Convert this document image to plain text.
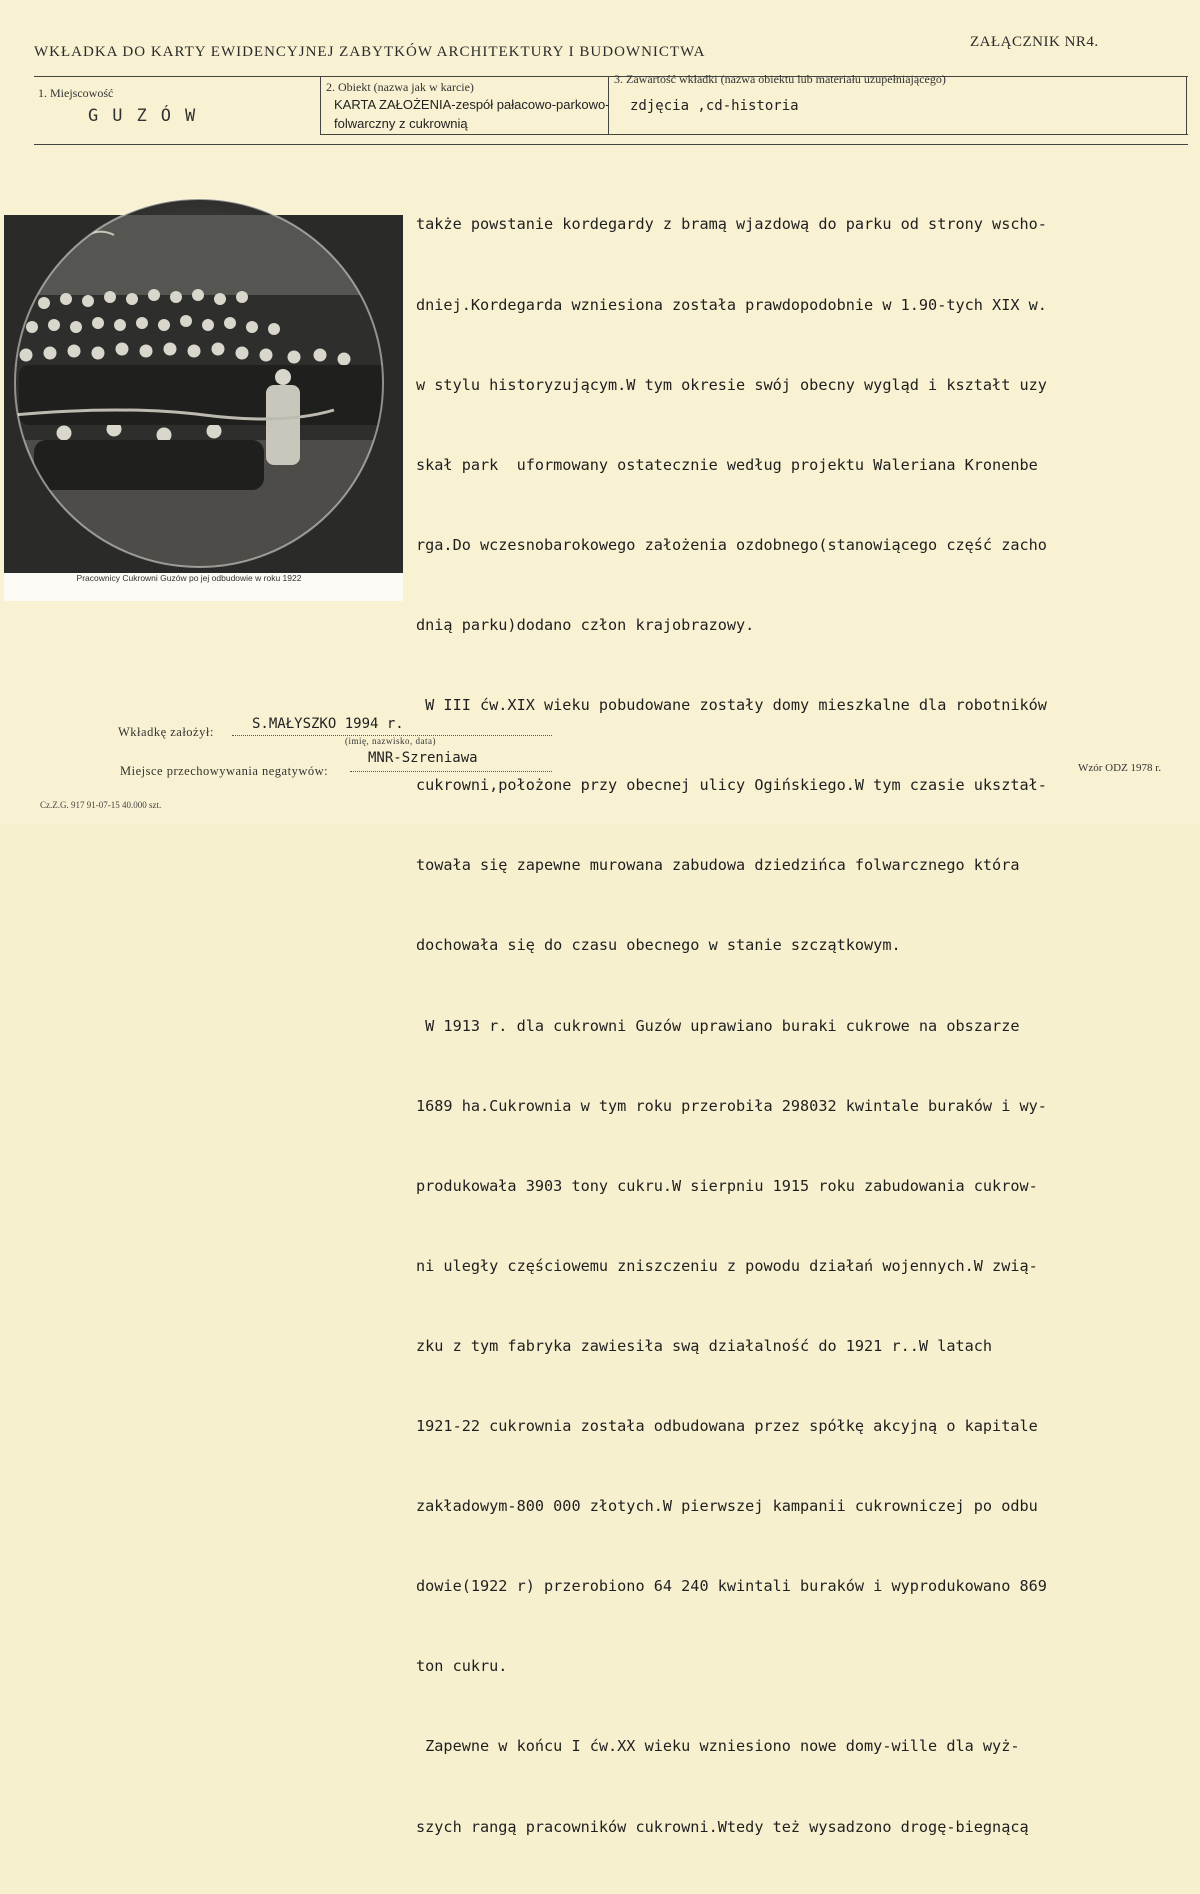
WKŁADKA DO KARTY EWIDENCYJNEJ ZABYTKÓW ARCHITEKTURY I BUDOWNICTWA
ZAŁĄCZNIK NR4.
1. Miejscowość
GUZÓW
2. Obiekt (nazwa jak w karcie)
KARTA ZAŁOŻENIA-zespół pałacowo-parkowo-
folwarczny z cukrownią
3. Zawartość wkładki (nazwa obiektu lub materiału uzupełniającego)
zdjęcia ,cd-historia

także powstanie kordegardy z bramą wjazdową do parku od strony wscho-

dniej.Kordegarda wzniesiona została prawdopodobnie w 1.90-tych XIX w.

w stylu historyzującym.W tym okresie swój obecny wygląd i kształt uzy

skał park  uformowany ostatecznie według projektu Waleriana Kronenbe

rga.Do wczesnobarokowego założenia ozdobnego(stanowiącego część zacho

dnią parku)dodano człon krajobrazowy.

W III ćw.XIX wieku pobudowane zostały domy mieszkalne dla robotników

cukrowni,położone przy obecnej ulicy Ogińskiego.W tym czasie ukształ-

towała się zapewne murowana zabudowa dziedzińca folwarcznego która

dochowała się do czasu obecnego w stanie szczątkowym.

W 1913 r. dla cukrowni Guzów uprawiano buraki cukrowe na obszarze

1689 ha.Cukrownia w tym roku przerobiła 298032 kwintale buraków i wy-

produkowała 3903 tony cukru.W sierpniu 1915 roku zabudowania cukrow-

ni uległy częściowemu zniszczeniu z powodu działań wojennych.W zwią-

zku z tym fabryka zawiesiła swą działalność do 1921 r..W latach

1921-22 cukrownia została odbudowana przez spółkę akcyjną o kapitale

zakładowym-800 000 złotych.W pierwszej kampanii cukrowniczej po odbu

dowie(1922 r) przerobiono 64 240 kwintali buraków i wyprodukowano 869

ton cukru.

Zapewne w końcu I ćw.XX wieku wzniesiono nowe domy-wille dla wyż-

szych rangą pracowników cukrowni.Wtedy też wysadzono drogę-biegnącą

Pracownicy Cukrowni Guzów po jej odbudowie w roku 1922
Wkładkę założył:	S.MAŁYSZKO 1994 r.
(imię, nazwisko, data)
Miejsce przechowywania negatywów:
MNR-Szreniawa
Wzór ODZ 1978 r.
Cz.Z.G. 917 91-07-15 40.000 szt.
